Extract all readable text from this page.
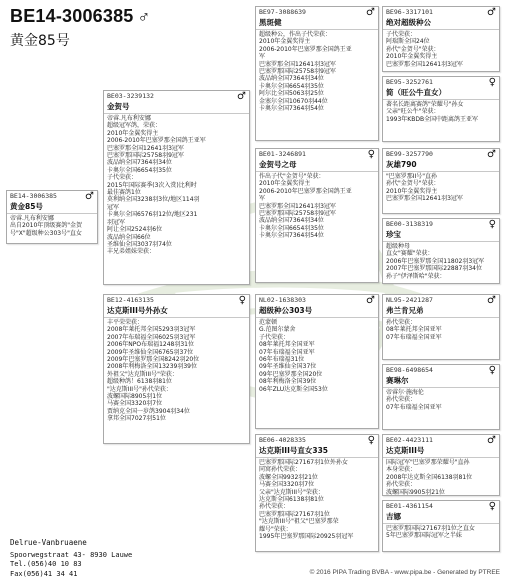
BE14-3006385 ♂
黄金85号
BE14-3006385
黄金85号
♂
帝睿.凡布利安娜
出自2010年顶级赛鸽"金贺
号"X"超级种公303号"直女
BE03-3239132
金贺号
♂
帝睿.凡布利安娜
超级冠军鸽，荣获：
2010年金翼奖得主
2006-2010年巴塞罗那全国鸽王亚军
巴塞罗那全国12641羽3冠军
巴塞罗那国际25758羽9冠军
波品纳全国7364羽34位
卡奥尔全国6654羽35位
子代荣获：
2015年国际赛季(3次入赏)比利时
最佳赛鸽1位
莫利纳全国3238羽3位/地区114羽
冠军
卡奥尔全国6576羽12位/地区231
羽冠军
阿让全国2524羽6位
波品纳全国66位
圣维仙全国3037羽74位
丰兄弟姐妹荣获：
BE12-4163135
达克斯III号外孙女
♀
丰平荣荣获：
2008年莱托邦全国5293羽3冠军
2007年布瑞福全国6025羽3冠军
2006年NPO布瑞福1248羽31位
2009年圣维仙全国6765羽37位
2009年巴塞罗那全国8242羽20位
2008年利梅洛全国13239羽39位
外祖父"达克斯III号"荣获：
超级种鸽！6138羽81位
"达克斯III号"孙代荣获：
波螺国际8905羽1位
马赛全国3320羽7位
贾纳克全国一岁鸽3904羽34位
拿邦全国7027羽51位
BE97-3088639
黑斑健
♂
超级种公，作出子代荣获：
2010年金翼奖得主
2006-2010年巴塞罗那全国鸽王亚
军
巴塞罗那全国12641羽3冠军
巴塞罗那国际25758羽9冠军
波品纳全国7364羽34位
卡奥尔全国6654羽35位
阿尔比全国5063羽25位
金塞尔全国10670羽44位
卡奥尔全国7364羽54位
BE01-3246891
金贺号之母
♀
作出子代"金贺号"荣获：
2010年金翼奖得主
2006-2010年巴塞罗那全国鸽王亚
军
巴塞罗那全国12641羽3冠军
巴塞罗那国际25758羽9冠军
波品纳全国7364羽34位
卡奥尔全国6654羽35位
卡奥尔全国7364羽54位
NL02-1638303
超级种公303号
♂
范蒙顿
G.范图尔蒙舍
子代荣获：
08年莱托邦全国亚军
07年布瑞福全国亚军
06年布瑞福31位
09年圣维仙全国37位
09年巴塞罗那全国20位
08年利梅洛全国39位
06年ZLU达克斯全国53位
BE06-4028335
达克斯III号直女335
♀
巴塞罗那国际27167羽1位外孙女
同窝孙代荣获：
波螺全国9932羽21位
马赛全国3320羽7位
父亲"达克斯III号"荣获：
达克斯全国6138羽81位
孙代荣获：
巴塞罗那国际27167羽1位
"达克斯III号"祖父"巴塞罗那荣
耀号"荣获：
1995年巴塞罗那国际20925羽冠军
BE96-3317101
绝对超级种公
♂
子代荣获：
阿瑞斯全国24位
孙代"金贺号"荣获：
2010年金翼奖得主
巴塞罗那全国12641羽3冠军
BE95-3252761
简（旺公牛直女）
♀
著名长距离赛鸽"荣耀号"孙女
父亲"旺公牛"荣获：
1993年KBDB全国中距离鸽王亚军
BE99-3257790
灰雄790
♂
"巴塞罗那II号"直孙
孙代"金贺号"荣获：
2010年金翼奖得主
巴塞罗那全国12641羽3冠军
BE00-3138319
珍宝
♀
超级种母
直女"赛耀"荣获：
2006年巴塞罗那全国11802羽3冠军
2007年巴塞罗那国际22887羽34位
孙子"伊泽斯哈"荣获：
NL95-2421287
弗兰肯兄弟
♂
孙代荣获：
08年莱托邦全国亚军
07年布瑞福全国亚军
BE98-6498654
赛琳尔
♀
帝睿尔·施海伦
孙代荣获：
07年布瑞福全国亚军
BE02-4423111
达克斯III号
♂
国际冠军"巴塞罗那荣耀号"直孙
本身荣获：
2008年达克斯全国6138羽81位
孙代荣获：
波螺国际9905羽21位
BE01-4361154
吉娜
♀
巴塞罗那国际27167羽1位之直女
5年巴塞罗那国际冠军之半妹
Delrue-Vanbruaene
Spoorwegstraat 43- 8930 Lauwe
Tel.(056)40 10 83
Fax(056)41 34 41	© 2016 PIPA Trading BVBA - www.pipa.be - Generated by PTREE
